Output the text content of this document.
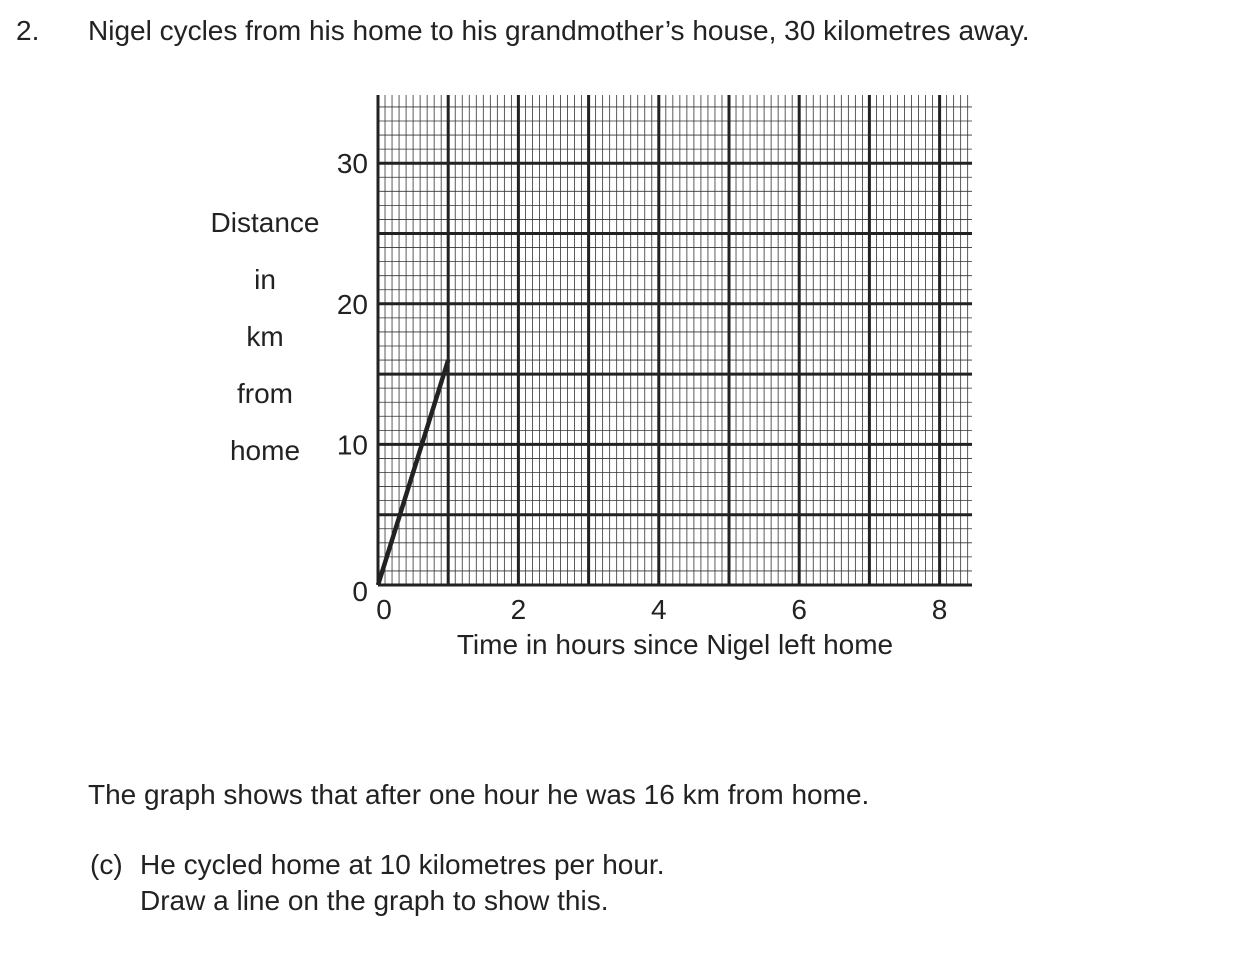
2. Nigel cycles from his home to his grandmother’s house, 30 kilometres away.
Distance
in
km
from
home
0	2	4	6	8
0
10
20
30
Time in hours since Nigel left home
The graph shows that after one hour he was 16 km from home.
(c) He cycled home at 10 kilometres per hour.
Draw a line on the graph to show this.
